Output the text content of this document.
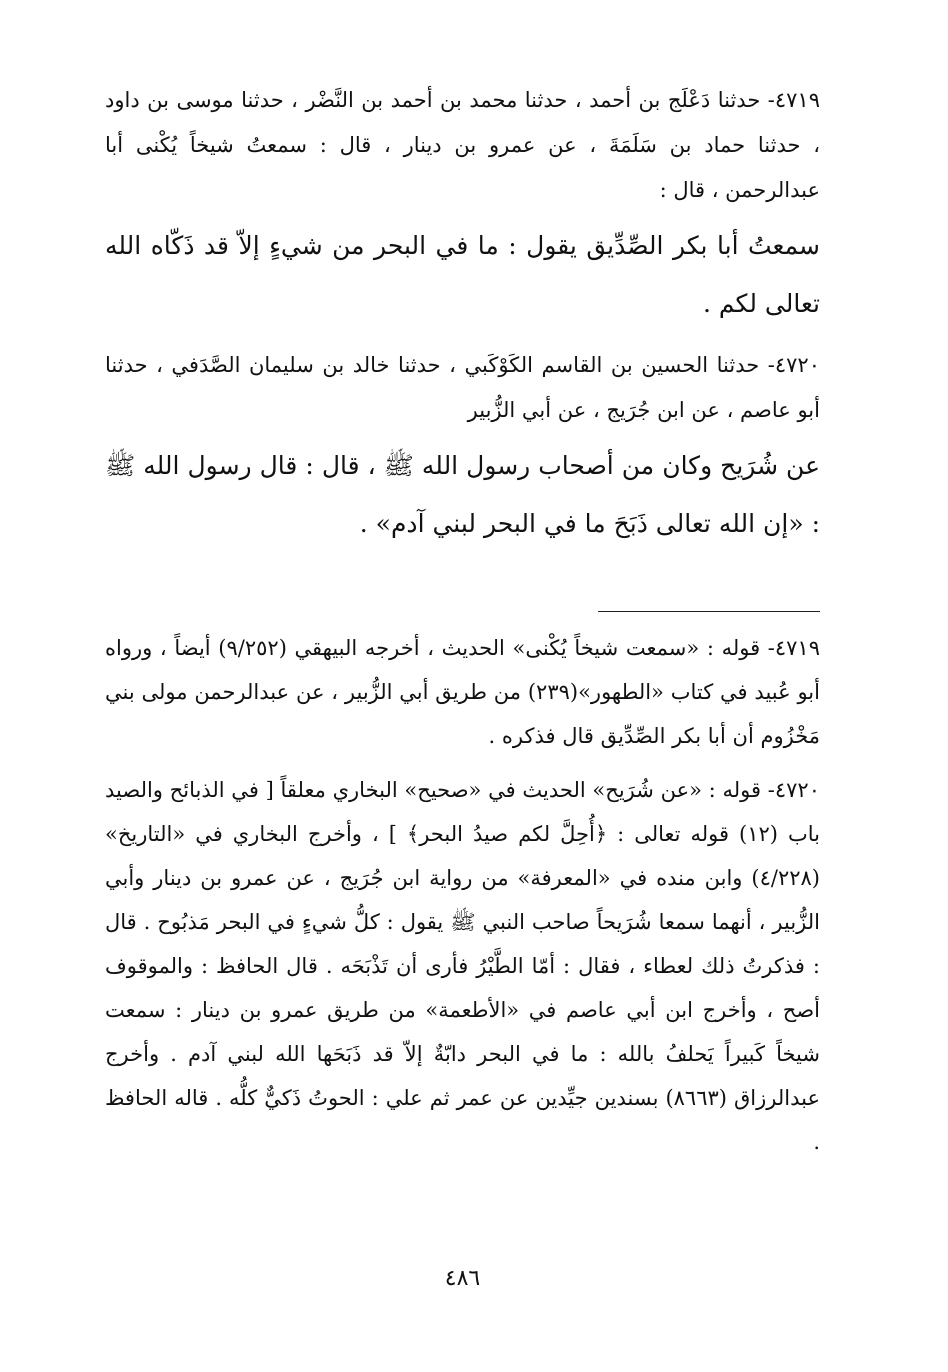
٤٧١٩- حدثنا دَعْلَج بن أحمد ، حدثنا محمد بن أحمد بن النَّضْر ، حدثنا موسى بن داود ، حدثنا حماد بن سَلَمَةَ ، عن عمرو بن دينار ، قال : سمعتُ شيخاً يُكْنى أبا عبدالرحمن ، قال :

سمعتُ أبا بكر الصِّدِّيق يقول : ما في البحر من شيءٍ إلاّ قد ذَكّاه الله تعالى لكم .

٤٧٢٠- حدثنا الحسين بن القاسم الكَوْكَبي ، حدثنا خالد بن سليمان الصَّدَفي ، حدثنا أبو عاصم ، عن ابن جُرَيج ، عن أبي الزُّبير

عن شُرَيح وكان من أصحاب رسول الله ﷺ ، قال : قال رسول الله ﷺ : «إن الله تعالى ذَبَحَ ما في البحر لبني آدم» .

٤٧١٩- قوله : «سمعت شيخاً يُكْنى» الحديث ، أخرجه البيهقي (٩/٢٥٢) أيضاً ، ورواه أبو عُبيد في كتاب «الطهور»(٢٣٩) من طريق أبي الزُّبير ، عن عبدالرحمن مولى بني مَخْزُوم أن أبا بكر الصِّدِّيق قال فذكره .

٤٧٢٠- قوله : «عن شُرَيح» الحديث في «صحيح» البخاري معلقاً [ في الذبائح والصيد باب (١٢) قوله تعالى : ﴿أُحِلَّ لكم صيدُ البحر﴾ ] ، وأخرج البخاري في «التاريخ» (٤/٢٢٨) وابن منده في «المعرفة» من رواية ابن جُرَيج ، عن عمرو بن دينار وأبي الزُّبير ، أنهما سمعا شُرَيحاً صاحب النبي ﷺ يقول : كلُّ شيءٍ في البحر مَذبُوح . قال : فذكرتُ ذلك لعطاء ، فقال : أمّا الطَّيْرُ فأرى أن تَذْبَحَه . قال الحافظ : والموقوف أصح ، وأخرج ابن أبي عاصم في «الأطعمة» من طريق عمرو بن دينار : سمعت شيخاً كَبيراً يَحلفُ بالله : ما في البحر دابّةٌ إلاّ قد ذَبَحَها الله لبني آدم . وأخرج عبدالرزاق (٨٦٦٣) بسندين جيِّدين عن عمر ثم علي : الحوتُ ذَكيٌّ كلُّه . قاله الحافظ .

٤٨٦
